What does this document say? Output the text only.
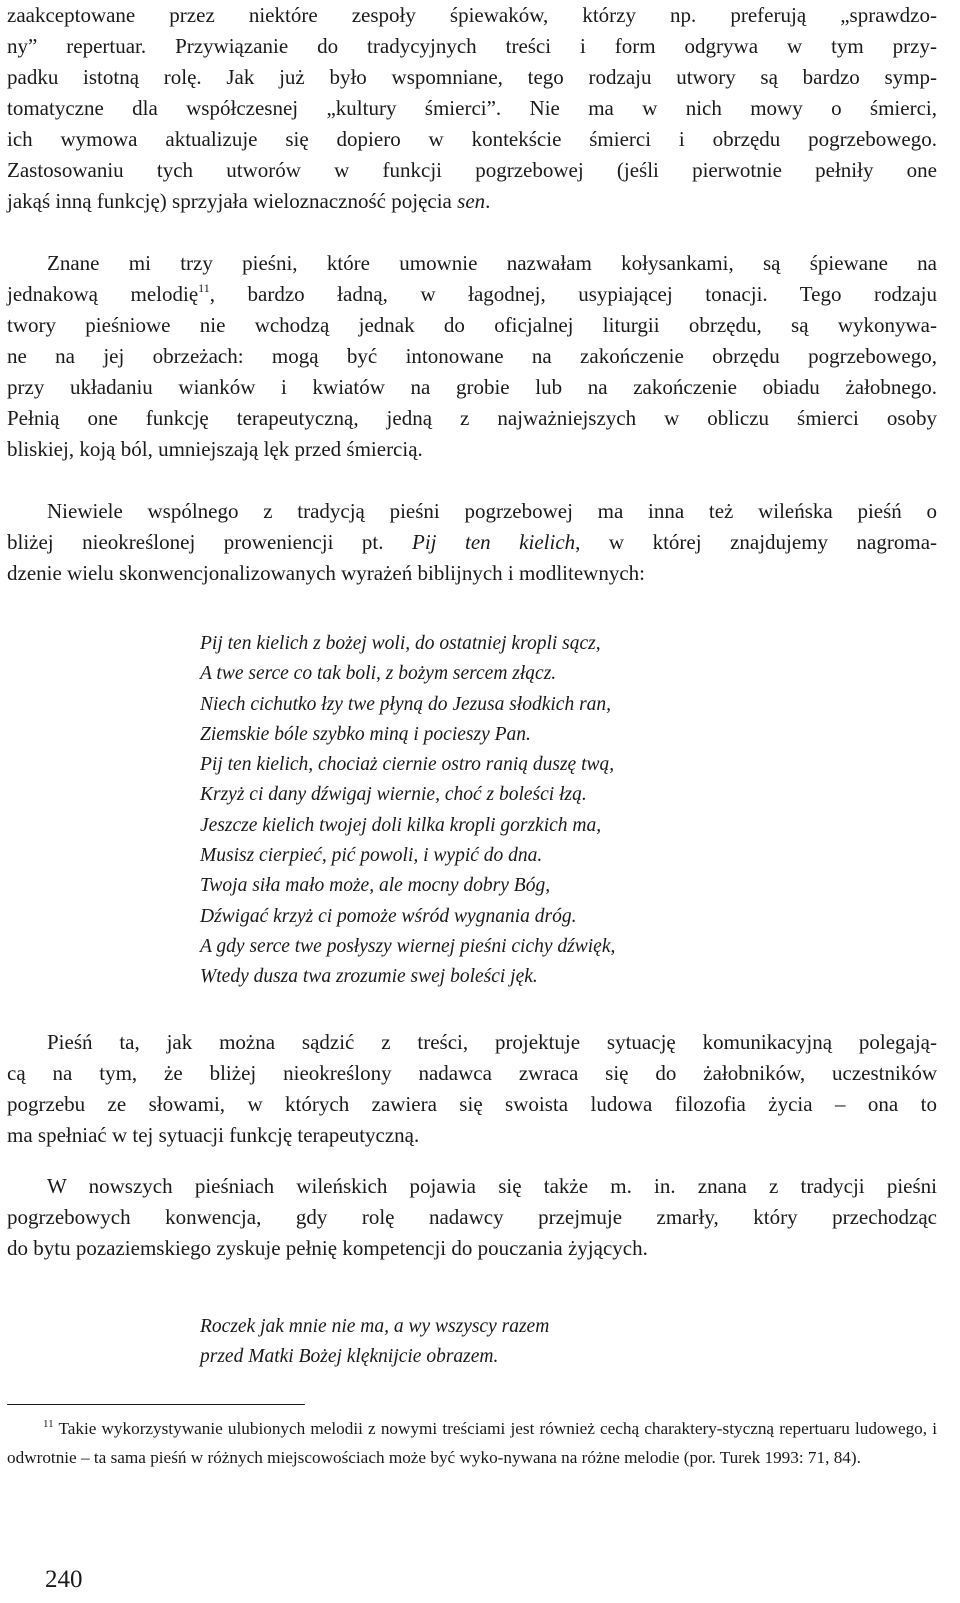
zaakceptowane przez niektóre zespoły śpiewaków, którzy np. preferują „sprawdzo-
ny” repertuar. Przywiązanie do tradycyjnych treści i form odgrywa w tym przy-
padku istotną rolę. Jak już było wspomniane, tego rodzaju utwory są bardzo symp-
tomatyczne dla współczesnej „kultury śmierci”. Nie ma w nich mowy o śmierci,
ich wymowa aktualizuje się dopiero w kontekście śmierci i obrzędu pogrzebowego.
Zastosowaniu tych utworów w funkcji pogrzebowej (jeśli pierwotnie pełniły one
jakąś inną funkcję) sprzyjała wieloznaczność pojęcia sen.

Znane mi trzy pieśni, które umownie nazwałam kołysankami, są śpiewane na
jednakową melodię$^{11}$, bardzo ładną, w łagodnej, usypiającej tonacji. Tego rodzaju
twory pieśniowe nie wchodzą jednak do oficjalnej liturgii obrzędu, są wykonywa-
ne na jej obrzeżach: mogą być intonowane na zakończenie obrzędu pogrzebowego,
przy układaniu wianków i kwiatów na grobie lub na zakończenie obiadu żałobnego.
Pełnią one funkcję terapeutyczną, jedną z najważniejszych w obliczu śmierci osoby
bliskiej, koją ból, umniejszają lęk przed śmiercią.

Niewiele wspólnego z tradycją pieśni pogrzebowej ma inna też wileńska pieśń o
bliżej nieokreślonej proweniencji pt. Pij ten kielich, w której znajdujemy nagroma-
dzenie wielu skonwencjonalizowanych wyrażeń biblijnych i modlitewnych:

Pij ten kielich z bożej woli, do ostatniej kropli sącz,
A twe serce co tak boli, z bożym sercem złącz.
Niech cichutko łzy twe płyną do Jezusa słodkich ran,
Ziemskie bóle szybko miną i pocieszy Pan.
Pij ten kielich, chociaż ciernie ostro ranią duszę twą,
Krzyż ci dany dźwigaj wiernie, choć z boleści łzą.
Jeszcze kielich twojej doli kilka kropli gorzkich ma,
Musisz cierpieć, pić powoli, i wypić do dna.
Twoja siła mało może, ale mocny dobry Bóg,
Dźwigać krzyż ci pomoże wśród wygnania dróg.
A gdy serce twe posłyszy wiernej pieśni cichy dźwięk,
Wtedy dusza twa zrozumie swej boleści jęk.

Pieśń ta, jak można sądzić z treści, projektuje sytuację komunikacyjną polegają-
cą na tym, że bliżej nieokreślony nadawca zwraca się do żałobników, uczestników
pogrzebu ze słowami, w których zawiera się swoista ludowa filozofia życia – ona to
ma spełniać w tej sytuacji funkcję terapeutyczną.

W nowszych pieśniach wileńskich pojawia się także m. in. znana z tradycji pieśni
pogrzebowych konwencja, gdy rolę nadawcy przejmuje zmarły, który przechodząc
do bytu pozaziemskiego zyskuje pełnię kompetencji do pouczania żyjących.

Roczek jak mnie nie ma, a wy wszyscy razem
przed Matki Bożej klęknijcie obrazem.
$^{11}$ Takie wykorzystywanie ulubionych melodii z nowymi treściami jest również cechą charaktery-styczną repertuaru ludowego, i odwrotnie – ta sama pieśń w różnych miejscowościach może być wyko-nywana na różne melodie (por. Turek 1993: 71, 84).
240
